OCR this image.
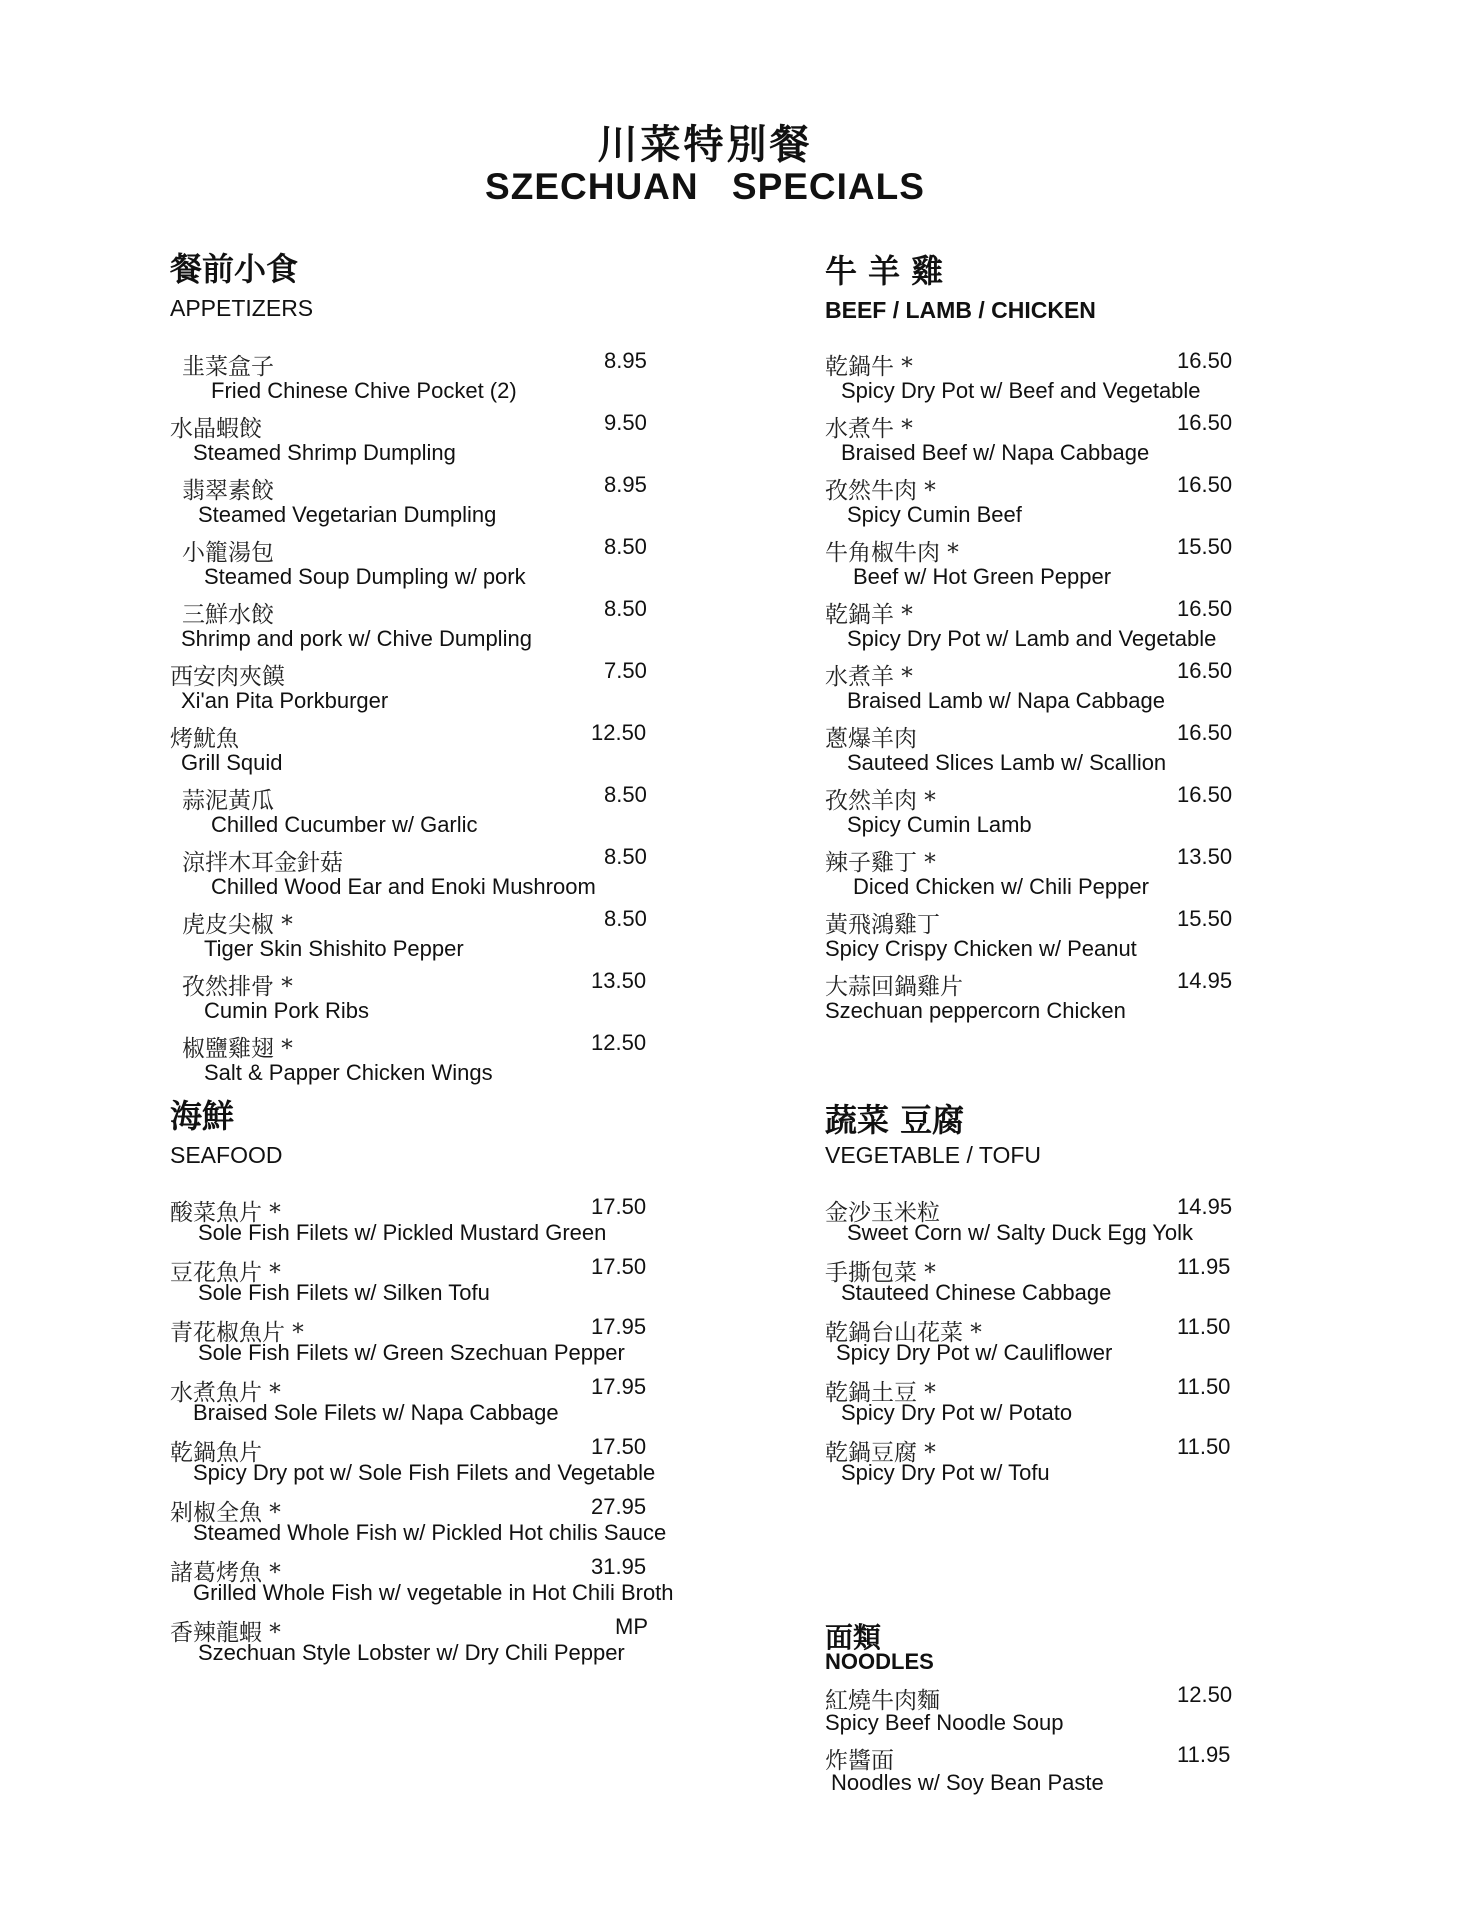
川菜特別餐
SZECHUAN SPECIALS
餐前小食
APPETIZERS
韭菜盒子
Fried Chinese Chive Pocket (2)
8.95
水晶蝦餃
Steamed Shrimp Dumpling
9.50
翡翠素餃
Steamed Vegetarian Dumpling
8.95
小籠湯包
Steamed Soup Dumpling w/ pork
8.50
三鮮水餃
Shrimp and pork w/ Chive Dumpling
8.50
西安肉夾饃
Xi'an Pita Porkburger
7.50
烤魷魚
Grill Squid
12.50
蒜泥黃瓜
Chilled Cucumber w/ Garlic
8.50
涼拌木耳金針菇
Chilled Wood Ear and Enoki Mushroom
8.50
虎皮尖椒 *
Tiger Skin Shishito Pepper
8.50
孜然排骨 *
Cumin Pork Ribs
13.50
椒鹽雞翅 *
Salt & Papper Chicken Wings
12.50
牛 羊 雞
BEEF / LAMB / CHICKEN
乾鍋牛 *
Spicy Dry Pot w/ Beef and Vegetable
16.50
水煮牛 *
Braised Beef w/ Napa Cabbage
16.50
孜然牛肉 *
Spicy Cumin Beef
16.50
牛角椒牛肉 *
Beef w/ Hot Green Pepper
15.50
乾鍋羊 *
Spicy Dry Pot w/ Lamb and Vegetable
16.50
水煮羊 *
Braised Lamb w/ Napa Cabbage
16.50
蔥爆羊肉
Sauteed Slices Lamb w/ Scallion
16.50
孜然羊肉 *
Spicy Cumin Lamb
16.50
辣子雞丁 *
Diced Chicken w/ Chili Pepper
13.50
黃飛鴻雞丁
Spicy Crispy Chicken w/ Peanut
15.50
大蒜回鍋雞片
Szechuan peppercorn Chicken
14.95
海鮮
SEAFOOD
酸菜魚片 *
Sole Fish Filets w/ Pickled Mustard Green
17.50
豆花魚片 *
Sole Fish Filets w/ Silken Tofu
17.50
青花椒魚片 *
Sole Fish Filets w/ Green Szechuan Pepper
17.95
水煮魚片 *
Braised Sole Filets w/ Napa Cabbage
17.95
乾鍋魚片
Spicy Dry pot w/ Sole Fish Filets and Vegetable
17.50
剁椒全魚 *
Steamed Whole Fish w/ Pickled Hot chilis Sauce
27.95
諸葛烤魚 *
Grilled Whole Fish w/ vegetable in Hot Chili Broth
31.95
香辣龍蝦 *
Szechuan Style Lobster w/ Dry Chili Pepper
MP
蔬菜 豆腐
VEGETABLE / TOFU
金沙玉米粒
Sweet Corn w/ Salty Duck Egg Yolk
14.95
手撕包菜 *
Stauteed Chinese Cabbage
11.95
乾鍋台山花菜 *
Spicy Dry Pot w/ Cauliflower
11.50
乾鍋土豆 *
Spicy Dry Pot w/ Potato
11.50
乾鍋豆腐 *
Spicy Dry Pot w/ Tofu
11.50
面類
NOODLES
紅燒牛肉麵
Spicy Beef Noodle Soup
12.50
炸醬面
Noodles w/ Soy Bean Paste
11.95
